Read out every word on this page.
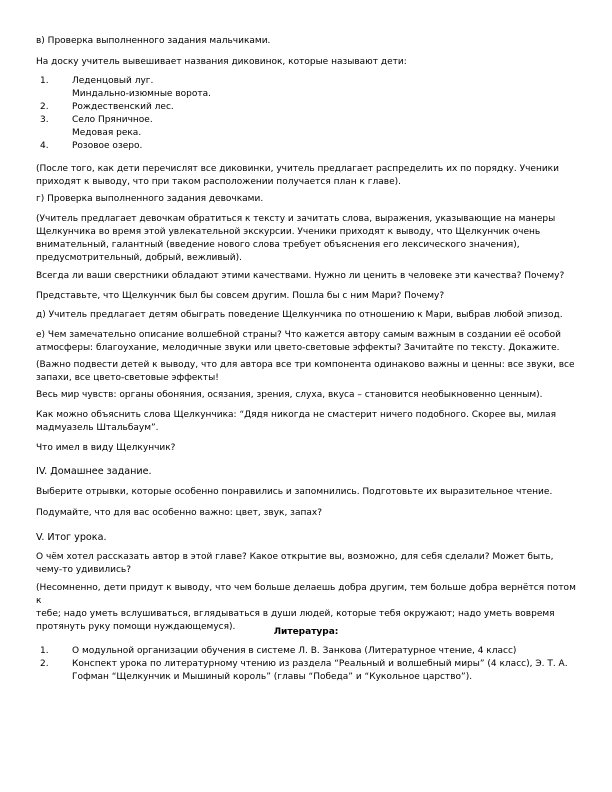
в) Проверка выполненного задания мальчиками.

На доску учитель вывешивает названия диковинок, которые называют дети:

1.	Леденцовый луг.
Миндально-изюмные ворота.
2.	Рождественский лес.
3.	Село Пряничное.
Медовая река.
4.	Розовое озеро.

(После того, как дети перечислят все диковинки, учитель предлагает распределить их по порядку. Ученики
приходят к выводу, что при таком расположении получается план к главе).

г) Проверка выполненного задания девочками.

(Учитель предлагает девочкам обратиться к тексту и зачитать слова, выражения, указывающие на манеры
Щелкунчика во время этой увлекательной экскурсии. Ученики приходят к выводу, что Щелкунчик очень
внимательный, галантный (введение нового слова требует объяснения его лексического значения),
предусмотрительный, добрый, вежливый).

Всегда ли ваши сверстники обладают этими качествами. Нужно ли ценить в человеке эти качества? Почему?

Представьте, что Щелкунчик был бы совсем другим. Пошла бы с ним Мари? Почему?

д) Учитель предлагает детям обыграть поведение Щелкунчика по отношению к Мари, выбрав любой эпизод.

е) Чем замечательно описание волшебной страны? Что кажется автору самым важным в создании её особой
атмосферы: благоухание, мелодичные звуки или цвето-световые эффекты? Зачитайте по тексту. Докажите.

(Важно подвести детей к выводу, что для автора все три компонента одинаково важны и ценны: все звуки, все
запахи, все цвето-световые эффекты!

Весь мир чувств: органы обоняния, осязания, зрения, слуха, вкуса – становится необыкновенно ценным).

Как можно объяснить слова Щелкунчика: “Дядя никогда не смастерит ничего подобного. Скорее вы, милая
мадмуазель Штальбаум”.

Что имел в виду Щелкунчик?

IV. Домашнее задание.

Выберите отрывки, которые особенно понравились и запомнились. Подготовьте их выразительное чтение.

Подумайте, что для вас особенно важно: цвет, звук, запах?

V. Итог урока.

О чём хотел рассказать автор в этой главе? Какое открытие вы, возможно, для себя сделали? Может быть,
чему-то удивились?

(Несомненно, дети придут к выводу, что чем больше делаешь добра другим, тем больше добра вернётся потом к
тебе; надо уметь вслушиваться, вглядываться в души людей, которые тебя окружают; надо уметь вовремя
протянуть руку помощи нуждающемуся).	Литература:

1.	О модульной организации обучения в системе Л. В. Занкова (Литературное чтение, 4 класс)
2.	Конспект урока по литературному чтению из раздела “Реальный и волшебный миры” (4 класс), Э. Т. А.
Гофман “Щелкунчик и Мышиный король” (главы “Победа” и “Кукольное царство”).
